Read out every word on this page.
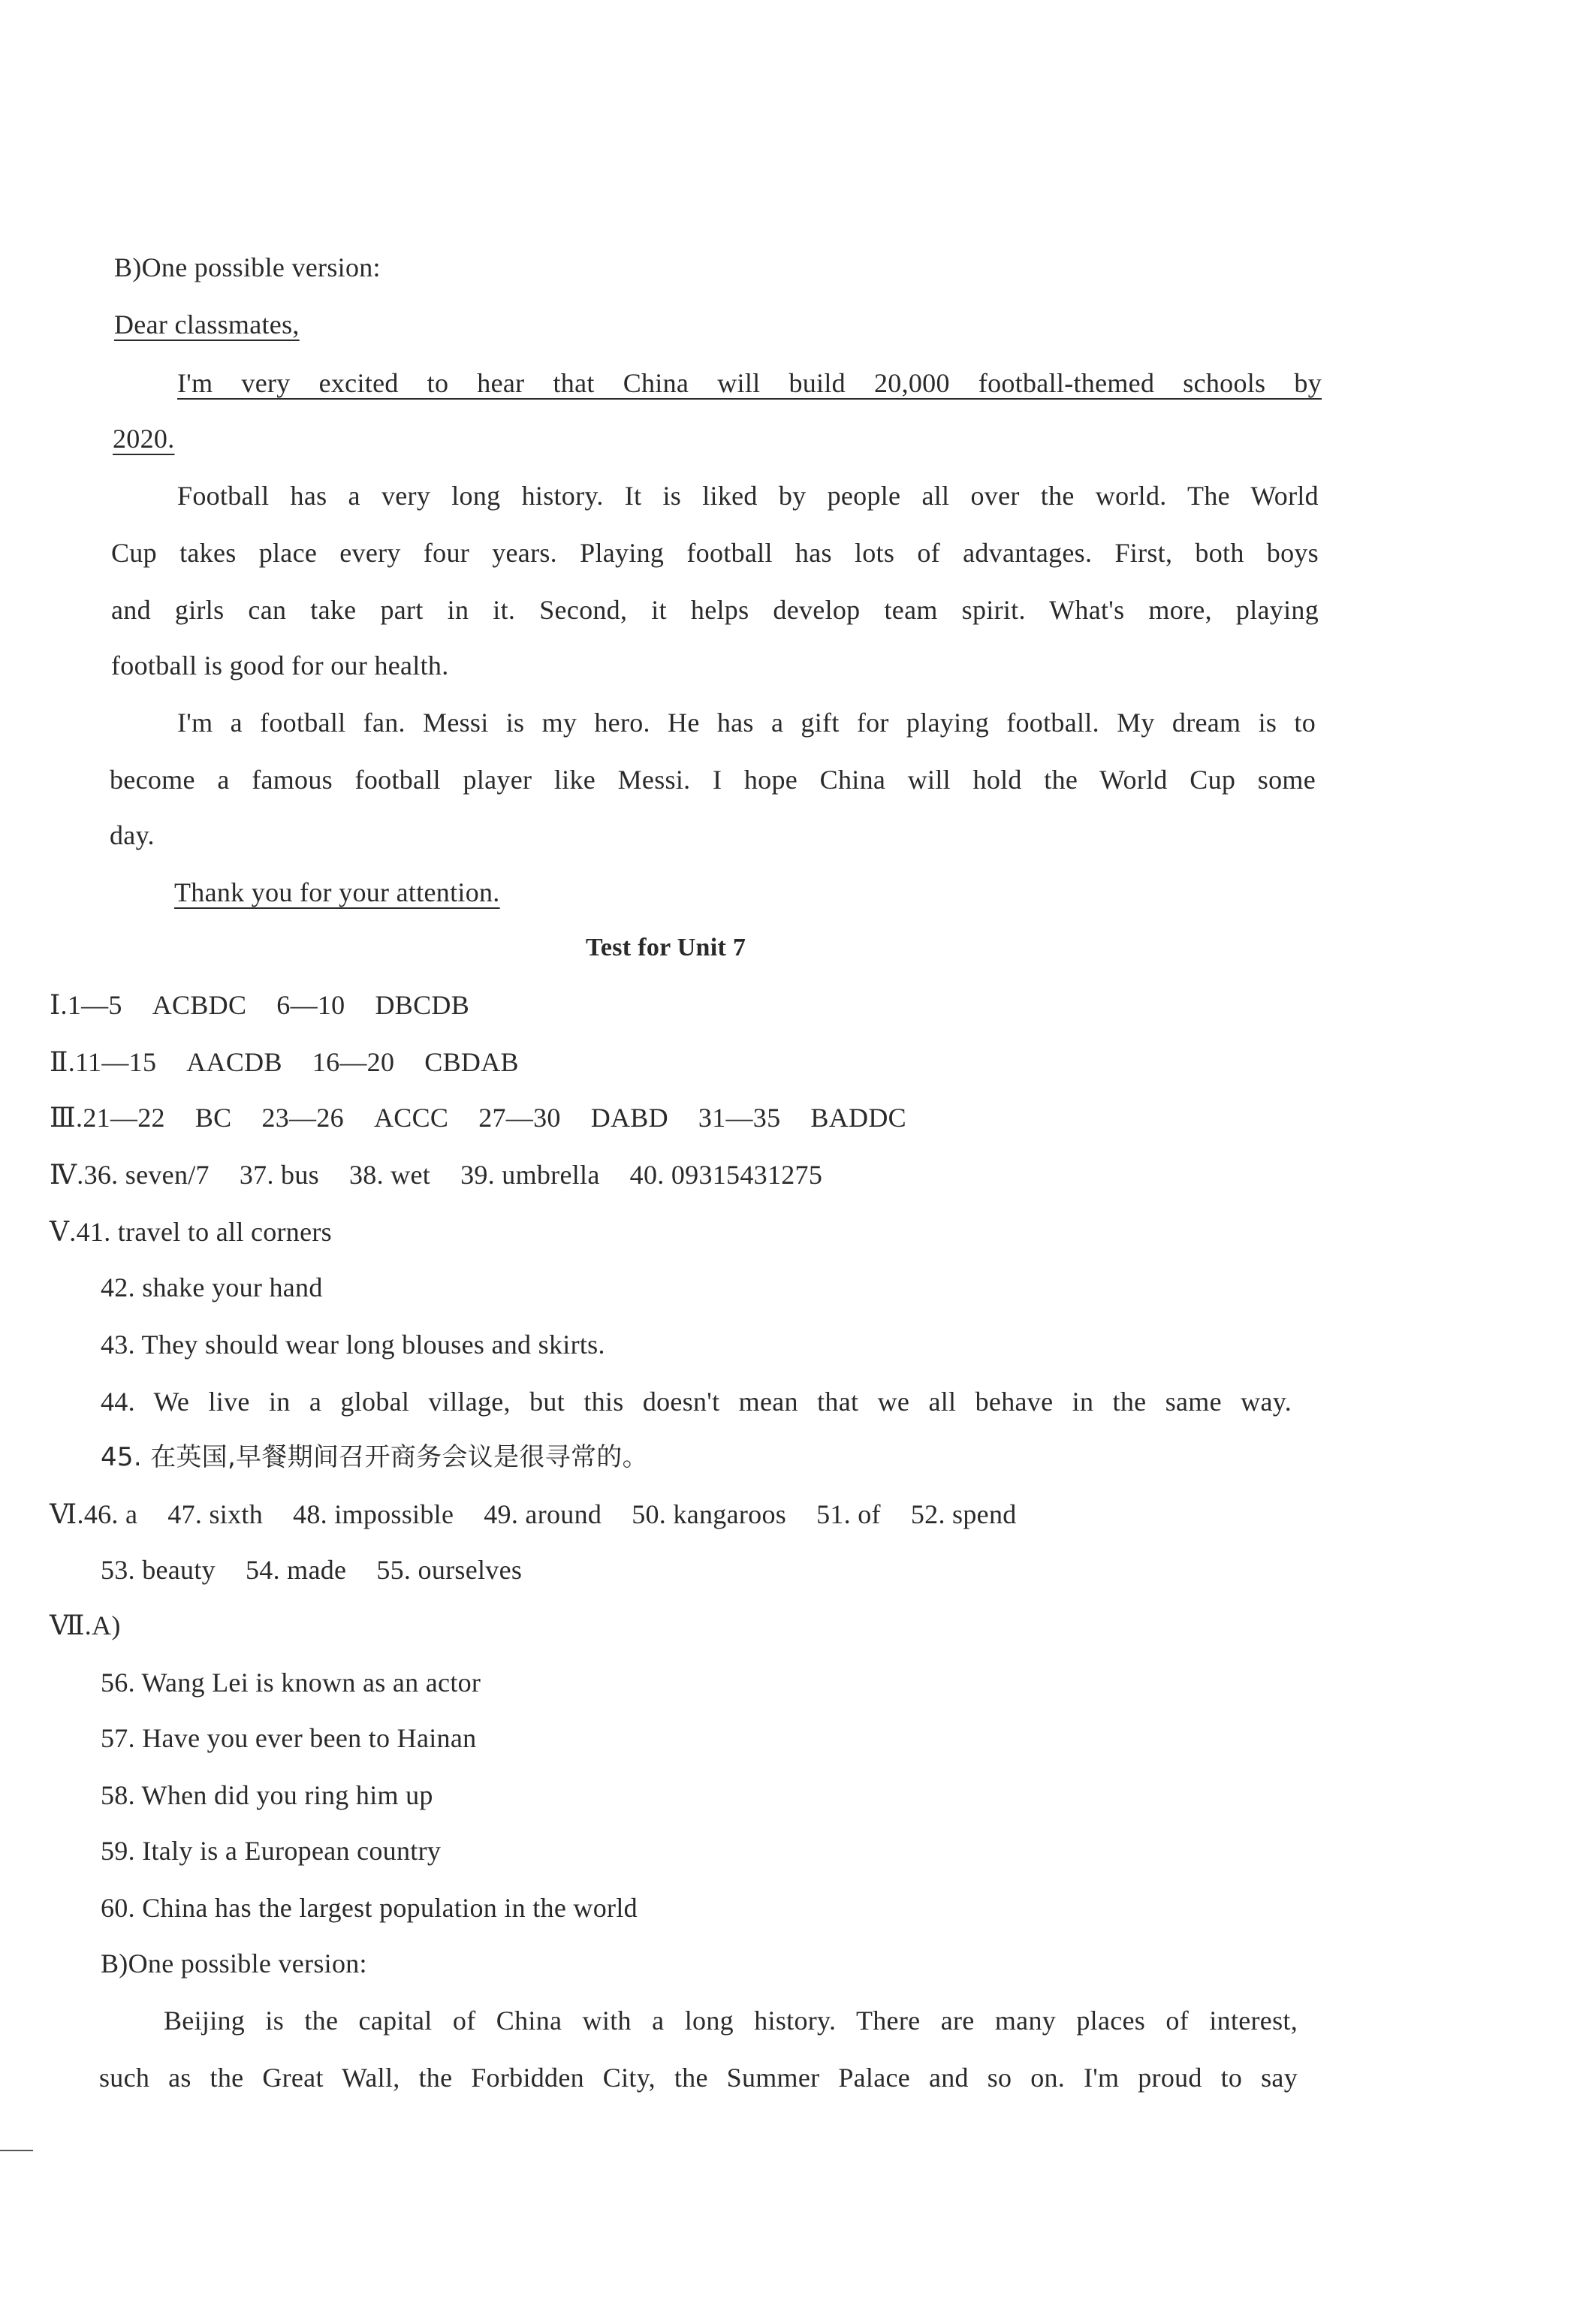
B)One possible version:
Dear classmates,
I'm very excited to hear that China will build 20,000 football-themed schools by
2020.
Football has a very long history. It is liked by people all over the world. The World
Cup takes place every four years. Playing football has lots of advantages. First, both boys
and girls can take part in it. Second, it helps develop team spirit. What's more, playing
football is good for our health.
I'm a football fan. Messi is my hero. He has a gift for playing football. My dream is to
become a famous football player like Messi. I hope China will hold the World Cup some
day.
Thank you for your attention.
Test for Unit 7
Ⅰ.1—5 ACBDC 6—10 DBCDB
Ⅱ.11—15 AACDB 16—20 CBDAB
Ⅲ.21—22 BC 23—26 ACCC 27—30 DABD 31—35 BADDC
Ⅳ.36. seven/7 37. bus 38. wet 39. umbrella 40. 09315431275
Ⅴ.41. travel to all corners
42. shake your hand
43. They should wear long blouses and skirts.
44. We live in a global village, but this doesn't mean that we all behave in the same way.
45. 在英国,早餐期间召开商务会议是很寻常的。
Ⅵ.46. a 47. sixth 48. impossible 49. around 50. kangaroos 51. of 52. spend
53. beauty 54. made 55. ourselves
Ⅶ.A)
56. Wang Lei is known as an actor
57. Have you ever been to Hainan
58. When did you ring him up
59. Italy is a European country
60. China has the largest population in the world
B)One possible version:
Beijing is the capital of China with a long history. There are many places of interest,
such as the Great Wall, the Forbidden City, the Summer Palace and so on. I'm proud to say
